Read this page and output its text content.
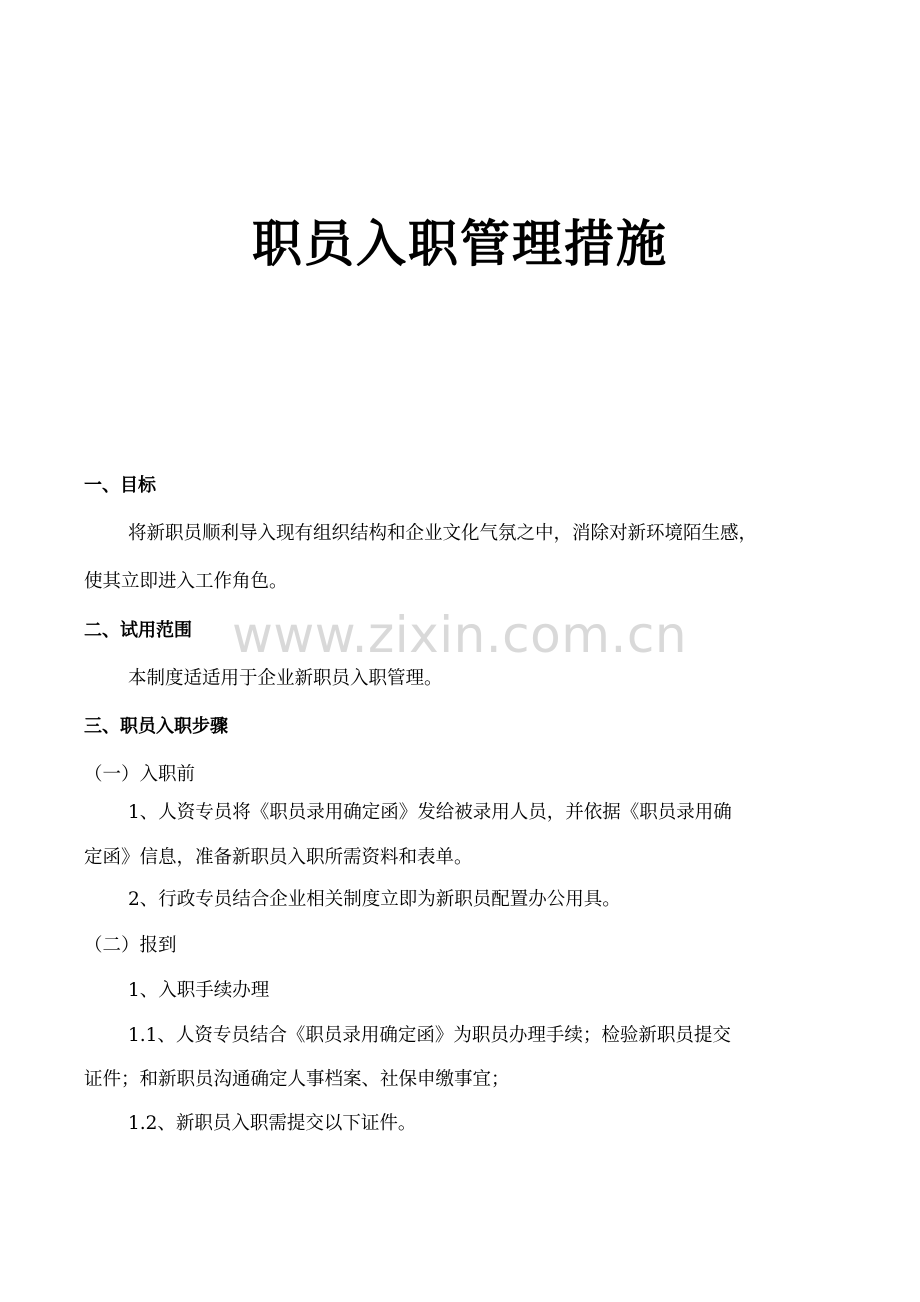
职员入职管理措施
www.zixin.com.cn
一、目标

将新职员顺利导入现有组织结构和企业文化气氛之中，消除对新环境陌生感，

使其立即进入工作角色。

二、试用范围

本制度适适用于企业新职员入职管理。

三、职员入职步骤

（一）入职前

1、人资专员将《职员录用确定函》发给被录用人员，并依据《职员录用确

定函》信息，准备新职员入职所需资料和表单。

2、行政专员结合企业相关制度立即为新职员配置办公用具。

（二）报到

1、入职手续办理

1.1、人资专员结合《职员录用确定函》为职员办理手续；检验新职员提交

证件；和新职员沟通确定人事档案、社保申缴事宜；

1.2、新职员入职需提交以下证件。
